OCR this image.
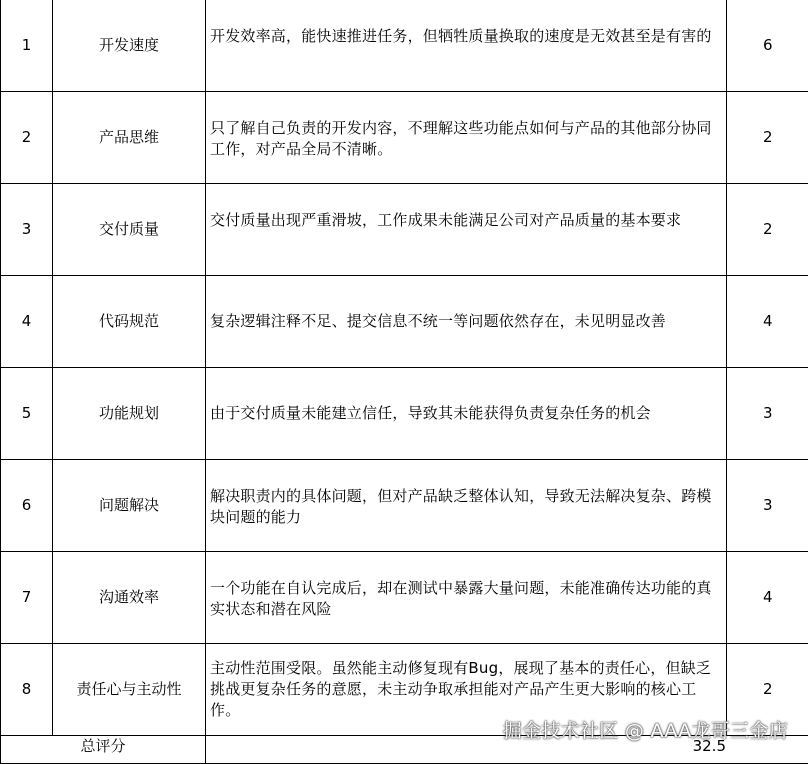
1	开发速度	开发效率高，能快速推进任务，但牺牲质量换取的速度是无效甚至是有害的	6
2	产品思维	只了解自己负责的开发内容，不理解这些功能点如何与产品的其他部分协同工作，对产品全局不清晰。	2
3	交付质量	交付质量出现严重滑坡，工作成果未能满足公司对产品质量的基本要求	2
4	代码规范	复杂逻辑注释不足、提交信息不统一等问题依然存在，未见明显改善	4
5	功能规划	由于交付质量未能建立信任，导致其未能获得负责复杂任务的机会	3
6	问题解决	解决职责内的具体问题，但对产品缺乏整体认知，导致无法解决复杂、跨模块问题的能力	3
7	沟通效率	一个功能在自认完成后，却在测试中暴露大量问题，未能准确传达功能的真实状态和潜在风险	4
8	责任心与主动性	主动性范围受限。虽然能主动修复现有Bug，展现了基本的责任心，但缺乏挑战更复杂任务的意愿，未主动争取承担能对产品产生更大影响的核心工作。	2
总评分		32.5	
掘金技术社区 @ AAA龙哥三金店
